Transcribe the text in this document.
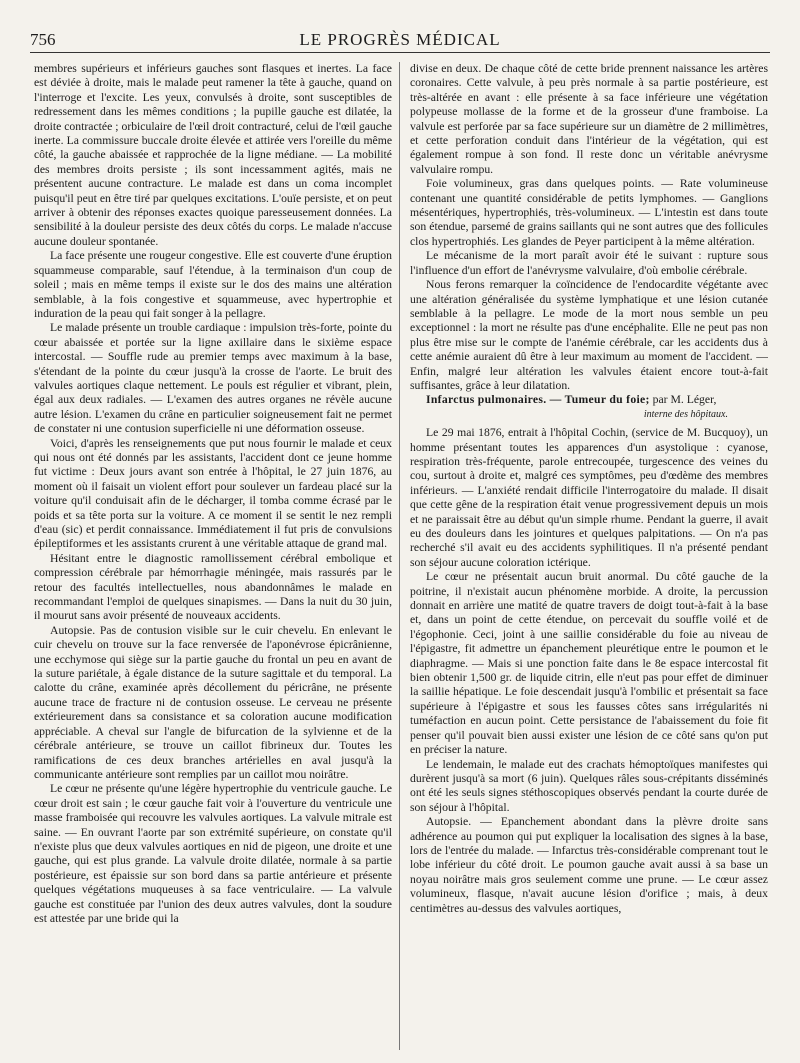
756	LE PROGRÈS MÉDICAL

membres supérieurs et inférieurs gauches sont flasques et inertes. La face est déviée à droite, mais le malade peut ramener la tête à gauche, quand on l'interroge et l'excite. Les yeux, convulsés à droite, sont susceptibles de redressement dans les mêmes conditions ; la pupille gauche est dilatée, la droite contractée ; orbiculaire de l'œil droit contracturé, celui de l'œil gauche inerte. La commissure buccale droite élevée et attirée vers l'oreille du même côté, la gauche abaissée et rapprochée de la ligne médiane. — La mobilité des membres droits persiste ; ils sont incessamment agités, mais ne présentent aucune contracture. Le malade est dans un coma incomplet puisqu'il peut en être tiré par quelques excitations. L'ouïe persiste, et on peut arriver à obtenir des réponses exactes quoique paresseusement données. La sensibilité à la douleur persiste des deux côtés du corps. Le malade n'accuse aucune douleur spontanée.

La face présente une rougeur congestive. Elle est couverte d'une éruption squammeuse comparable, sauf l'étendue, à la terminaison d'un coup de soleil ; mais en même temps il existe sur le dos des mains une altération semblable, à la fois congestive et squammeuse, avec hypertrophie et induration de la peau qui fait songer à la pellagre.

Le malade présente un trouble cardiaque : impulsion très-forte, pointe du cœur abaissée et portée sur la ligne axillaire dans le sixième espace intercostal. — Souffle rude au premier temps avec maximum à la base, s'étendant de la pointe du cœur jusqu'à la crosse de l'aorte. Le bruit des valvules aortiques claque nettement. Le pouls est régulier et vibrant, plein, égal aux deux radiales. — L'examen des autres organes ne révèle aucune autre lésion. L'examen du crâne en particulier soigneusement fait ne permet de constater ni une contusion superficielle ni une déformation osseuse.

Voici, d'après les renseignements que put nous fournir le malade et ceux qui nous ont été donnés par les assistants, l'accident dont ce jeune homme fut victime : Deux jours avant son entrée à l'hôpital, le 27 juin 1876, au moment où il faisait un violent effort pour soulever un fardeau placé sur la voiture qu'il conduisait afin de le décharger, il tomba comme écrasé par le poids et sa tête porta sur la voiture. A ce moment il se sentit le nez rempli d'eau (sic) et perdit connaissance. Immédiatement il fut pris de convulsions épileptiformes et les assistants crurent à une véritable attaque de grand mal.

Hésitant entre le diagnostic ramollissement cérébral embolique et compression cérébrale par hémorrhagie méningée, mais rassurés par le retour des facultés intellectuelles, nous abandonnâmes le malade en recommandant l'emploi de quelques sinapismes. — Dans la nuit du 30 juin, il mourut sans avoir présenté de nouveaux accidents.

Autopsie. Pas de contusion visible sur le cuir chevelu. En enlevant le cuir chevelu on trouve sur la face renversée de l'aponévrose épicrânienne, une ecchymose qui siège sur la partie gauche du frontal un peu en avant de la suture pariétale, à égale distance de la suture sagittale et du temporal. La calotte du crâne, examinée après décollement du péricrâne, ne présente aucune trace de fracture ni de contusion osseuse. Le cerveau ne présente extérieurement dans sa consistance et sa coloration aucune modification appréciable. A cheval sur l'angle de bifurcation de la sylvienne et de la cérébrale antérieure, se trouve un caillot fibrineux dur. Toutes les ramifications de ces deux branches artérielles en aval jusqu'à la communicante antérieure sont remplies par un caillot mou noirâtre.

Le cœur ne présente qu'une légère hypertrophie du ventricule gauche. Le cœur droit est sain ; le cœur gauche fait voir à l'ouverture du ventricule une masse framboisée qui recouvre les valvules aortiques. La valvule mitrale est saine. — En ouvrant l'aorte par son extrémité supérieure, on constate qu'il n'existe plus que deux valvules aortiques en nid de pigeon, une droite et une gauche, qui est plus grande. La valvule droite dilatée, normale à sa partie postérieure, est épaissie sur son bord dans sa partie antérieure et présente quelques végétations muqueuses à sa face ventriculaire. — La valvule gauche est constituée par l'union des deux autres valvules, dont la soudure est attestée par une bride qui la

divise en deux. De chaque côté de cette bride prennent naissance les artères coronaires. Cette valvule, à peu près normale à sa partie postérieure, est très-altérée en avant : elle présente à sa face inférieure une végétation polypeuse mollasse de la forme et de la grosseur d'une framboise. La valvule est perforée par sa face supérieure sur un diamètre de 2 millimètres, et cette perforation conduit dans l'intérieur de la végétation, qui est également rompue à son fond. Il reste donc un véritable anévrysme valvulaire rompu.

Foie volumineux, gras dans quelques points. — Rate volumineuse contenant une quantité considérable de petits lymphomes. — Ganglions mésentériques, hypertrophiés, très-volumineux. — L'intestin est dans toute son étendue, parsemé de grains saillants qui ne sont autres que des follicules clos hypertrophiés. Les glandes de Peyer participent à la même altération.

Le mécanisme de la mort paraît avoir été le suivant : rupture sous l'influence d'un effort de l'anévrysme valvulaire, d'où embolie cérébrale.

Nous ferons remarquer la coïncidence de l'endocardite végétante avec une altération généralisée du système lymphatique et une lésion cutanée semblable à la pellagre. Le mode de la mort nous semble un peu exceptionnel : la mort ne résulte pas d'une encéphalite. Elle ne peut pas non plus être mise sur le compte de l'anémie cérébrale, car les accidents dus à cette anémie auraient dû être à leur maximum au moment de l'accident. — Enfin, malgré leur altération les valvules étaient encore tout-à-fait suffisantes, grâce à leur dilatation.

Infarctus pulmonaires. — Tumeur du foie; par M. Léger,

interne des hôpitaux.

Le 29 mai 1876, entrait à l'hôpital Cochin, (service de M. Bucquoy), un homme présentant toutes les apparences d'un asystolique : cyanose, respiration très-fréquente, parole entrecoupée, turgescence des veines du cou, surtout à droite et, malgré ces symptômes, peu d'œdème des membres inférieurs. — L'anxiété rendait difficile l'interrogatoire du malade. Il disait que cette gêne de la respiration était venue progressivement depuis un mois et ne paraissait être au début qu'un simple rhume. Pendant la guerre, il avait eu des douleurs dans les jointures et quelques palpitations. — On n'a pas recherché s'il avait eu des accidents syphilitiques. Il n'a présenté pendant son séjour aucune coloration ictérique.

Le cœur ne présentait aucun bruit anormal. Du côté gauche de la poitrine, il n'existait aucun phénomène morbide. A droite, la percussion donnait en arrière une matité de quatre travers de doigt tout-à-fait à la base et, dans un point de cette étendue, on percevait du souffle voilé et de l'égophonie. Ceci, joint à une saillie considérable du foie au niveau de l'épigastre, fit admettre un épanchement pleurétique entre le poumon et le diaphragme. — Mais si une ponction faite dans le 8e espace intercostal fit bien obtenir 1,500 gr. de liquide citrin, elle n'eut pas pour effet de diminuer la saillie hépatique. Le foie descendait jusqu'à l'ombilic et présentait sa face supérieure à l'épigastre et sous les fausses côtes sans irrégularités ni tuméfaction en aucun point. Cette persistance de l'abaissement du foie fit penser qu'il pouvait bien aussi exister une lésion de ce côté sans qu'on put en préciser la nature.

Le lendemain, le malade eut des crachats hémoptoïques manifestes qui durèrent jusqu'à sa mort (6 juin). Quelques râles sous-crépitants disséminés ont été les seuls signes stéthoscopiques observés pendant la courte durée de son séjour à l'hôpital.

Autopsie. — Epanchement abondant dans la plèvre droite sans adhérence au poumon qui put expliquer la localisation des signes à la base, lors de l'entrée du malade. — Infarctus très-considérable comprenant tout le lobe inférieur du côté droit. Le poumon gauche avait aussi à sa base un noyau noirâtre mais gros seulement comme une prune. — Le cœur assez volumineux, flasque, n'avait aucune lésion d'orifice ; mais, à deux centimètres au-dessus des valvules aortiques,
